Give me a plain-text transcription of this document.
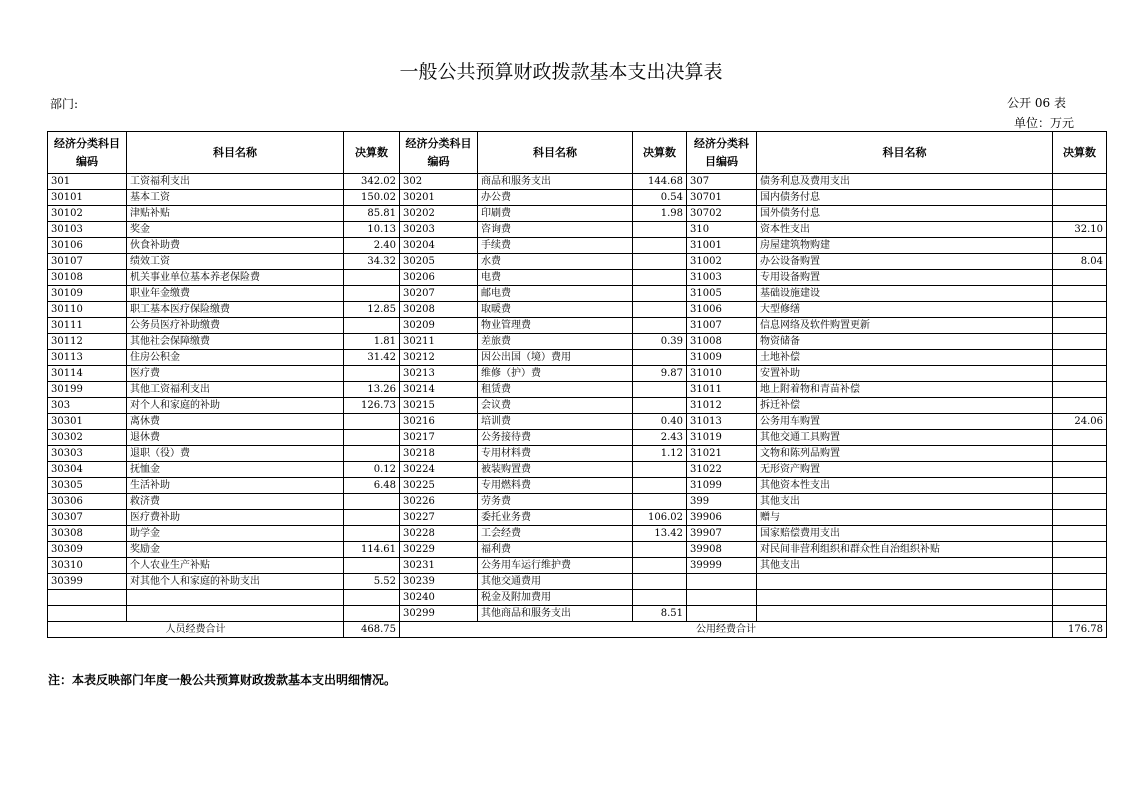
一般公共预算财政拨款基本支出决算表
部门:	公开 06 表
单位：万元
经济分类科目编码	科目名称	决算数	经济分类科目编码	科目名称	决算数	经济分类科目编码	科目名称	决算数
301	工资福利支出	342.02	302	商品和服务支出	144.68	307	债务利息及费用支出	
30101	基本工资	150.02	30201	办公费	0.54	30701	国内债务付息	
30102	津贴补贴	85.81	30202	印刷费	1.98	30702	国外债务付息	
30103	奖金	10.13	30203	咨询费		310	资本性支出	32.10
30106	伙食补助费	2.40	30204	手续费		31001	房屋建筑物购建	
30107	绩效工资	34.32	30205	水费		31002	办公设备购置	8.04
30108	机关事业单位基本养老保险费		30206	电费		31003	专用设备购置	
30109	职业年金缴费		30207	邮电费		31005	基础设施建设	
30110	职工基本医疗保险缴费	12.85	30208	取暖费		31006	大型修缮	
30111	公务员医疗补助缴费		30209	物业管理费		31007	信息网络及软件购置更新	
30112	其他社会保障缴费	1.81	30211	差旅费	0.39	31008	物资储备	
30113	住房公积金	31.42	30212	因公出国（境）费用		31009	土地补偿	
30114	医疗费		30213	维修（护）费	9.87	31010	安置补助	
30199	其他工资福利支出	13.26	30214	租赁费		31011	地上附着物和青苗补偿	
303	对个人和家庭的补助	126.73	30215	会议费		31012	拆迁补偿	
30301	离休费		30216	培训费	0.40	31013	公务用车购置	24.06
30302	退休费		30217	公务接待费	2.43	31019	其他交通工具购置	
30303	退职（役）费		30218	专用材料费	1.12	31021	文物和陈列品购置	
30304	抚恤金	0.12	30224	被装购置费		31022	无形资产购置	
30305	生活补助	6.48	30225	专用燃料费		31099	其他资本性支出	
30306	救济费		30226	劳务费		399	其他支出	
30307	医疗费补助		30227	委托业务费	106.02	39906	赠与	
30308	助学金		30228	工会经费	13.42	39907	国家赔偿费用支出	
30309	奖励金	114.61	30229	福利费		39908	对民间非营利组织和群众性自治组织补贴	
30310	个人农业生产补贴		30231	公务用车运行维护费		39999	其他支出	
30399	对其他个人和家庭的补助支出	5.52	30239	其他交通费用				
			30240	税金及附加费用				
			30299	其他商品和服务支出	8.51			
人员经费合计		468.75	公用经费合计					176.78
注：本表反映部门年度一般公共预算财政拨款基本支出明细情况。
